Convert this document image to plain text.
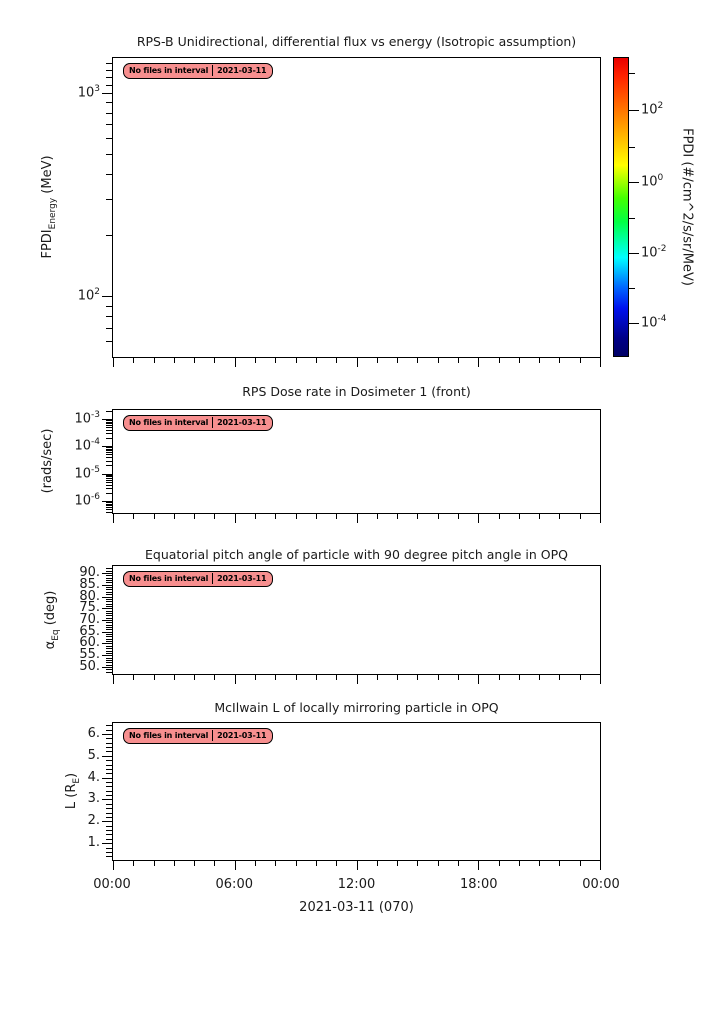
RPS-B Unidirectional, differential flux vs energy (Isotropic assumption)
No files in interval 2021-03-11
$10^3$
$10^2$
$FPDI_{Energy}$ (MeV)
$10^2$
$10^0$
$10^{-2}$
$10^{-4}$
FPDI (#/cm^2/s/sr/MeV)
RPS Dose rate in Dosimeter 1 (front)
No files in interval 2021-03-11
$10^{-3}$
$10^{-4}$
$10^{-5}$
$10^{-6}$
(rads/sec)
Equatorial pitch angle of particle with 90 degree pitch angle in OPQ
No files in interval 2021-03-11
90.
85.
80.
75.
70.
65.
60.
55.
50.
$\alpha_{Eq}$ (deg)
McIlwain L of locally mirroring particle in OPQ
No files in interval 2021-03-11
6.
5.
4.
3.
2.
1.
L $(R_E)$
00:00	06:00	12:00	18:00	00:00
2021-03-11 (070)
